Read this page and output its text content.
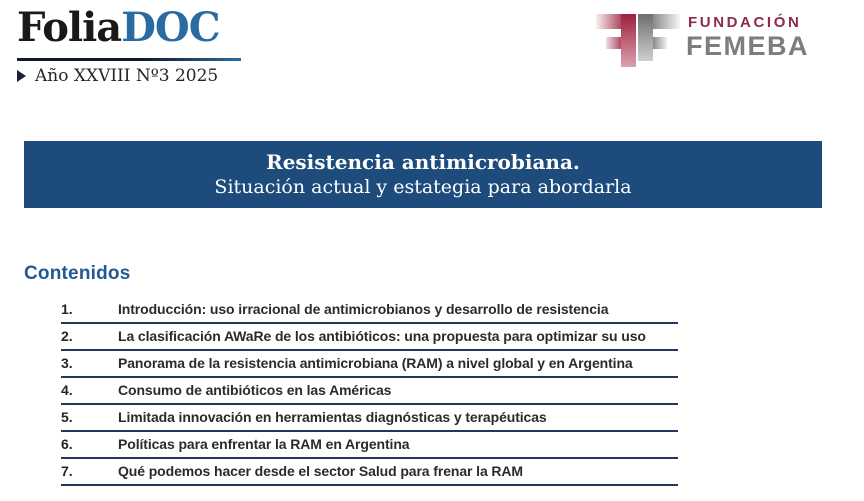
FoliaDOC
Año XXVIII Nº3 2025
FUNDACIÓN
FEMEBA
Resistencia antimicrobiana.
Situación actual y estategia para abordarla
Contenidos
1.	Introducción: uso irracional de antimicrobianos y desarrollo de resistencia
2.	La clasificación AWaRe de los antibióticos: una propuesta para optimizar su uso
3.	Panorama de la resistencia antimicrobiana (RAM) a nivel global y en Argentina
4.	Consumo de antibióticos en las Américas
5.	Limitada innovación en herramientas diagnósticas y terapéuticas
6.	Políticas para enfrentar la RAM en Argentina
7.	Qué podemos hacer desde el sector Salud para frenar la RAM
